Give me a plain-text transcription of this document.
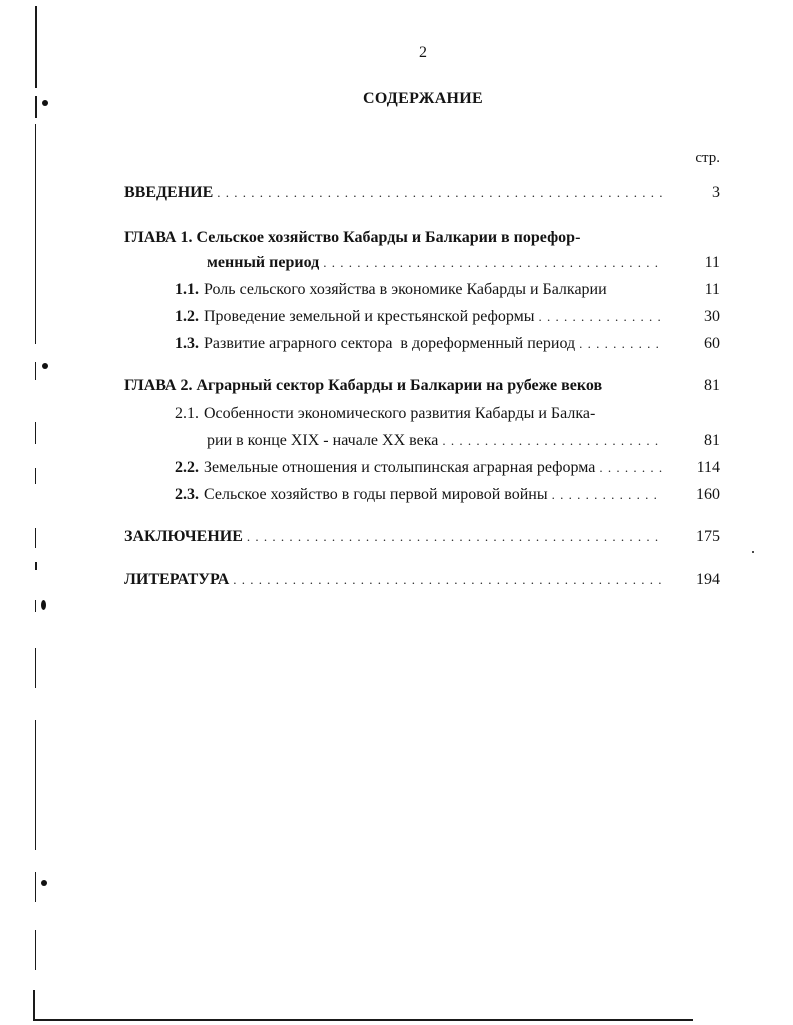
2
СОДЕРЖАНИЕ
стр.
ВВЕДЕНИЕ . . .	3
ГЛАВА 1. Сельское хозяйство Кабарды и Балкарии в порефор-
менный период . . .	11
1.1. Роль сельского хозяйства в экономике Кабарды и Балкарии	11
1.2. Проведение земельной и крестьянской реформы . . .	30
1.3. Развитие аграрного сектора  в дореформенный период . . .	60
ГЛАВА 2. Аграрный сектор Кабарды и Балкарии на рубеже веков	81
2.1. Особенности экономического развития Кабарды и Балка-
рии в конце XIX - начале XX века . . .	81
2.2. Земельные отношения и столыпинская аграрная реформа . . .	114
2.3. Сельское хозяйство в годы первой мировой войны . . .	160
ЗАКЛЮЧЕНИЕ . . .	175
ЛИТЕРАТУРА . . .	194
